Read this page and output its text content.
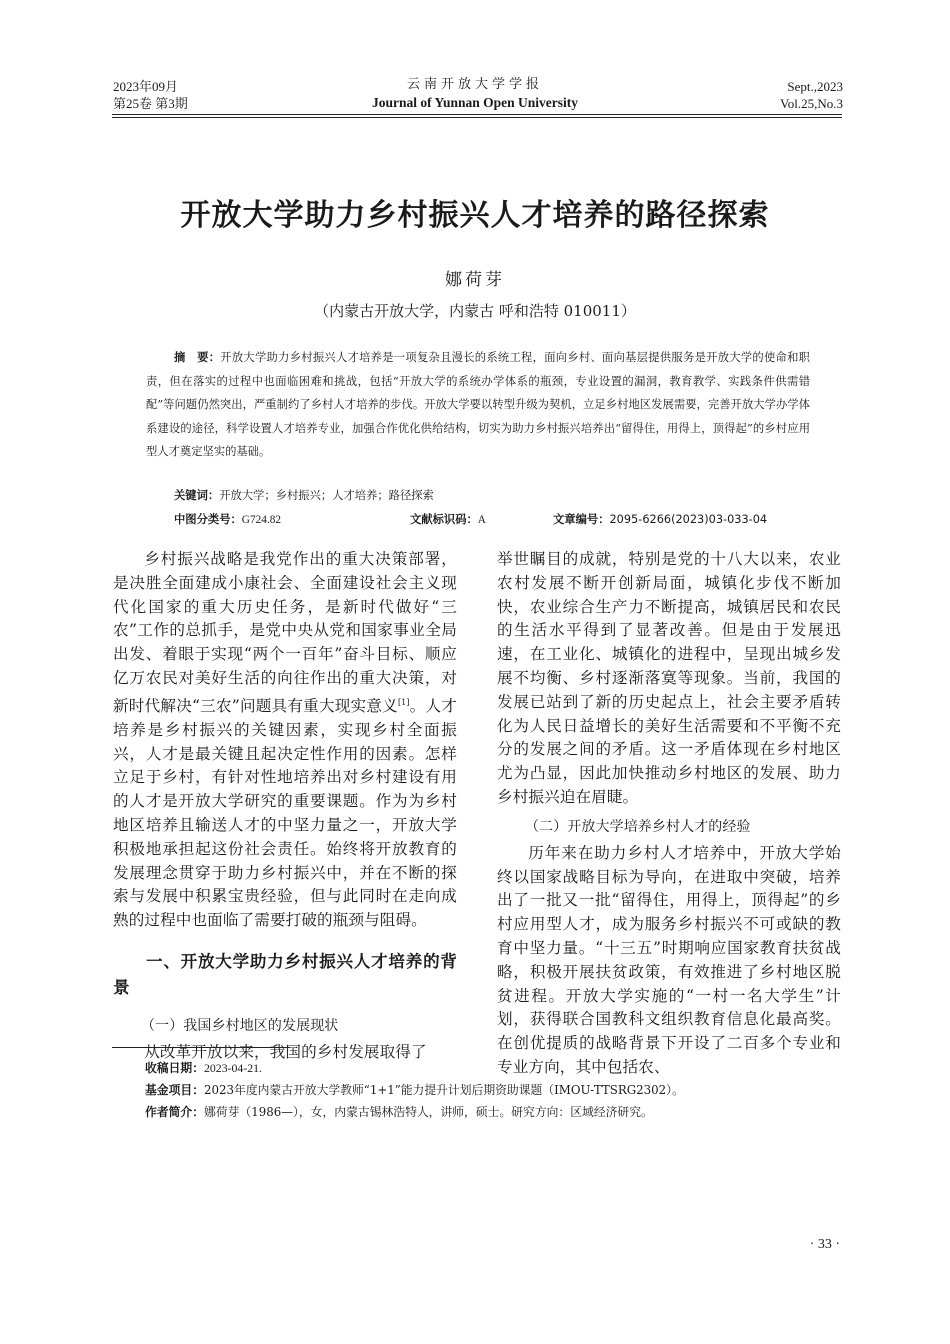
2023年09月
第25卷 第3期
云南开放大学学报
Journal of Yunnan Open University
Sept.,2023
Vol.25,No.3
开放大学助力乡村振兴人才培养的路径探索
娜荷芽
（内蒙古开放大学，内蒙古 呼和浩特 010011）
摘　要：开放大学助力乡村振兴人才培养是一项复杂且漫长的系统工程，面向乡村、面向基层提供服务是开放大学的使命和职责，但在落实的过程中也面临困难和挑战，包括“开放大学的系统办学体系的瓶颈，专业设置的漏洞，教育教学、实践条件供需错配”等问题仍然突出，严重制约了乡村人才培养的步伐。开放大学要以转型升级为契机，立足乡村地区发展需要，完善开放大学办学体系建设的途径，科学设置人才培养专业，加强合作优化供给结构，切实为助力乡村振兴培养出“留得住，用得上，顶得起”的乡村应用型人才奠定坚实的基础。
关键词：开放大学；乡村振兴；人才培养；路径探索
中图分类号：G724.82	文献标识码：A	文章编号：2095-6266(2023)03-033-04

乡村振兴战略是我党作出的重大决策部署，是决胜全面建成小康社会、全面建设社会主义现代化国家的重大历史任务，是新时代做好“三农”工作的总抓手，是党中央从党和国家事业全局出发、着眼于实现“两个一百年”奋斗目标、顺应亿万农民对美好生活的向往作出的重大决策，对新时代解决“三农”问题具有重大现实意义[1]。人才培养是乡村振兴的关键因素，实现乡村全面振兴，人才是最关键且起决定性作用的因素。怎样立足于乡村，有针对性地培养出对乡村建设有用的人才是开放大学研究的重要课题。作为为乡村地区培养且输送人才的中坚力量之一，开放大学积极地承担起这份社会责任。始终将开放教育的发展理念贯穿于助力乡村振兴中，并在不断的探索与发展中积累宝贵经验，但与此同时在走向成熟的过程中也面临了需要打破的瓶颈与阻碍。

一、开放大学助力乡村振兴人才培养的背景
（一）我国乡村地区的发展现状

从改革开放以来，我国的乡村发展取得了

举世瞩目的成就，特别是党的十八大以来，农业农村发展不断开创新局面，城镇化步伐不断加快，农业综合生产力不断提高，城镇居民和农民的生活水平得到了显著改善。但是由于发展迅速，在工业化、城镇化的进程中，呈现出城乡发展不均衡、乡村逐渐落寞等现象。当前，我国的发展已站到了新的历史起点上，社会主要矛盾转化为人民日益增长的美好生活需要和不平衡不充分的发展之间的矛盾。这一矛盾体现在乡村地区尤为凸显，因此加快推动乡村地区的发展、助力乡村振兴迫在眉睫。

（二）开放大学培养乡村人才的经验

历年来在助力乡村人才培养中，开放大学始终以国家战略目标为导向，在进取中突破，培养出了一批又一批“留得住，用得上，顶得起”的乡村应用型人才，成为服务乡村振兴不可或缺的教育中坚力量。“十三五”时期响应国家教育扶贫战略，积极开展扶贫政策，有效推进了乡村地区脱贫进程。开放大学实施的“一村一名大学生”计划，获得联合国教科文组织教育信息化最高奖。在创优提质的战略背景下开设了二百多个专业和专业方向，其中包括农、

收稿日期：2023-04-21.
基金项目：2023年度内蒙古开放大学教师“1+1”能力提升计划后期资助课题（IMOU-TTSRG2302）。
作者简介：娜荷芽（1986—），女，内蒙古锡林浩特人，讲师，硕士。研究方向：区域经济研究。
· 33 ·
